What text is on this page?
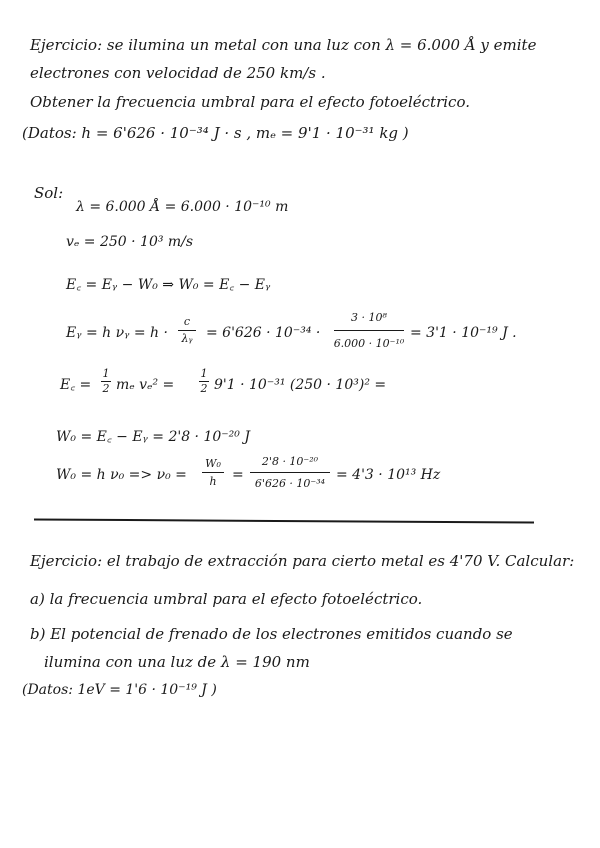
Ejercicio: se ilumina un metal con una luz con λ = 6.000 Å y emite
electrones con velocidad de 250 km/s .
Obtener la frecuencia umbral para el efecto fotoeléctrico.
(Datos: h = 6'626 · 10⁻³⁴ J · s , mₑ = 9'1 · 10⁻³¹ kg )
Sol:
λ = 6.000 Å = 6.000 · 10⁻¹⁰ m
vₑ = 250 · 10³ m/s
E꜀ = Eᵧ − W₀ ⇒ W₀ = E꜀ − Eᵧ
Eᵧ = h νᵧ = h ·
c
λᵧ = 6'626 · 10⁻³⁴ ·
3 · 10⁸
6.000 · 10⁻¹⁰
= 3'1 · 10⁻¹⁹ J .
E꜀ =
1
2 mₑ vₑ² =
1
2 9'1 · 10⁻³¹ (250 · 10³)² =
W₀ = E꜀ − Eᵧ = 2'8 · 10⁻²⁰ J
W₀ = h ν₀ => ν₀ =
W₀
h	=
2'8 · 10⁻²⁰
6'626 · 10⁻³⁴
= 4'3 · 10¹³ Hz
Ejercicio: el trabajo de extracción para cierto metal es 4'70 V. Calcular:
a) la frecuencia umbral para el efecto fotoeléctrico.
b) El potencial de frenado de los electrones emitidos cuando se
ilumina con una luz de λ = 190 nm
(Datos: 1eV = 1'6 · 10⁻¹⁹ J )
